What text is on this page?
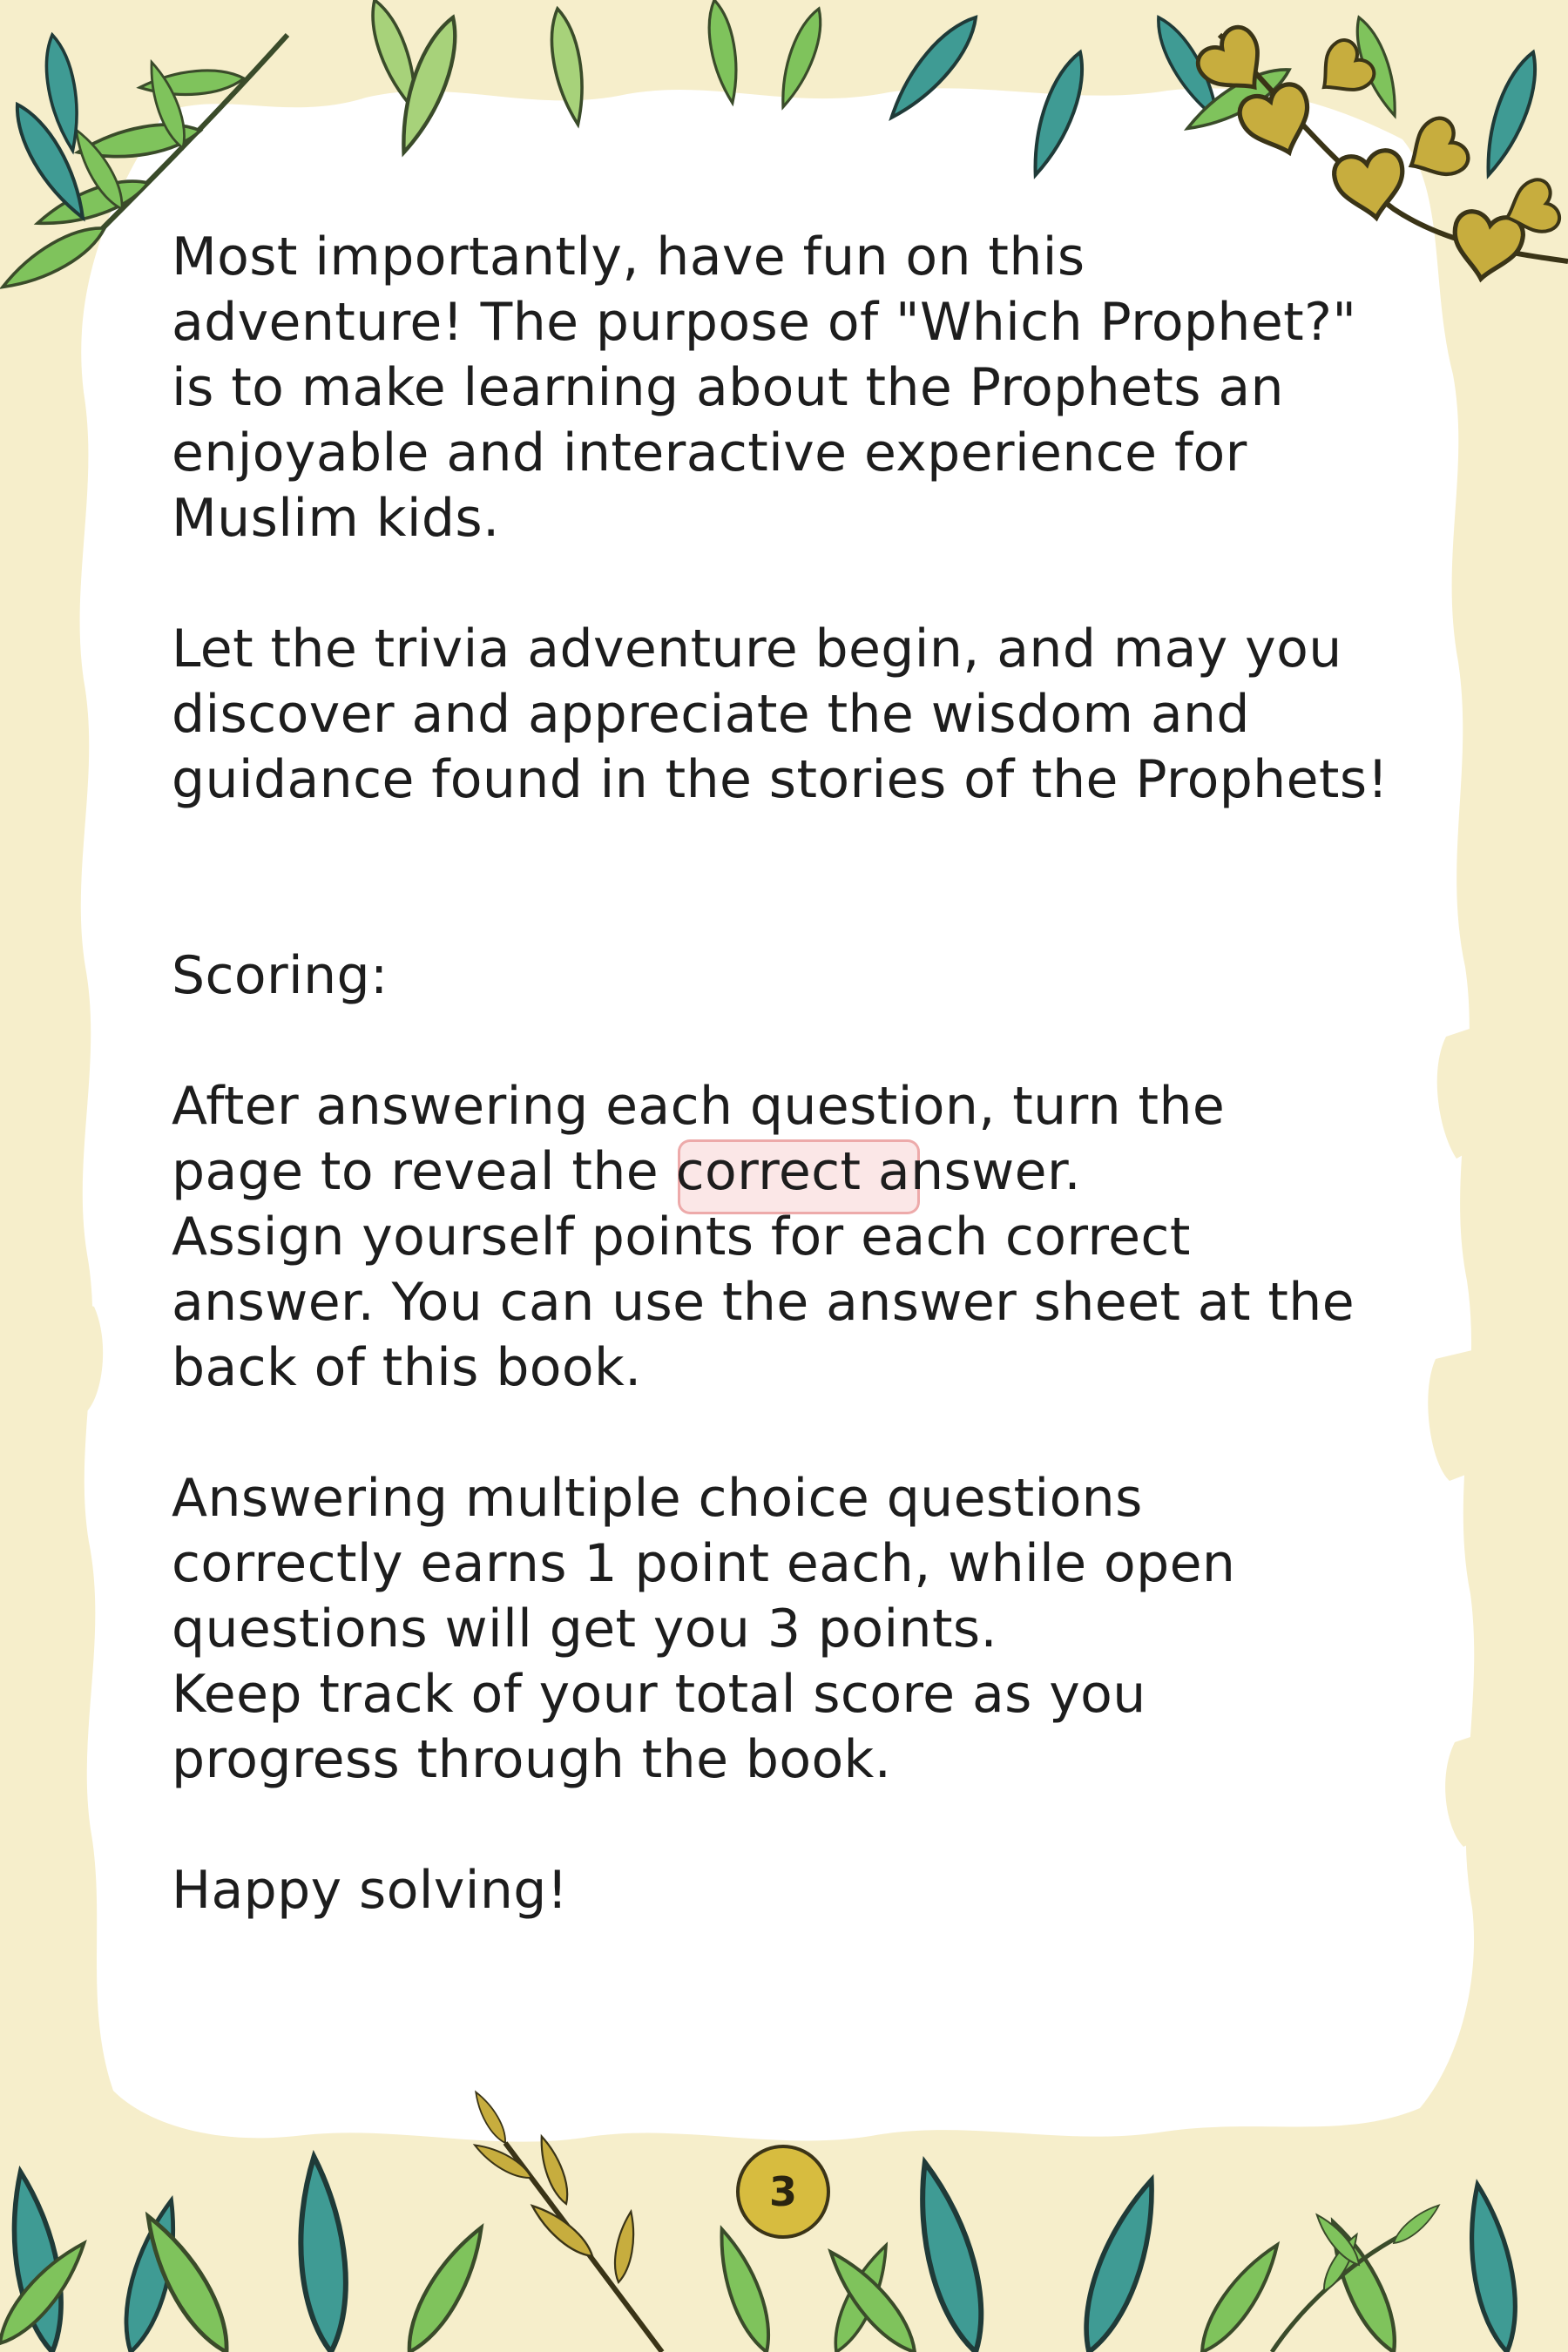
Most importantly, have fun on this

adventure! The purpose of "Which Prophet?"

is to make learning about the Prophets an

enjoyable and interactive experience for

Muslim kids.

Let the trivia adventure begin, and may you

discover and appreciate the wisdom and

guidance found in the stories of the Prophets!

Scoring:

After answering each question, turn the

page to reveal the correct answer.

Assign yourself points for each correct

answer. You can use the answer sheet at the

back of this book.

Answering multiple choice questions

correctly earns 1 point each, while open

questions will get you 3 points.

Keep track of your total score as you

progress through the book.

Happy solving!

3
